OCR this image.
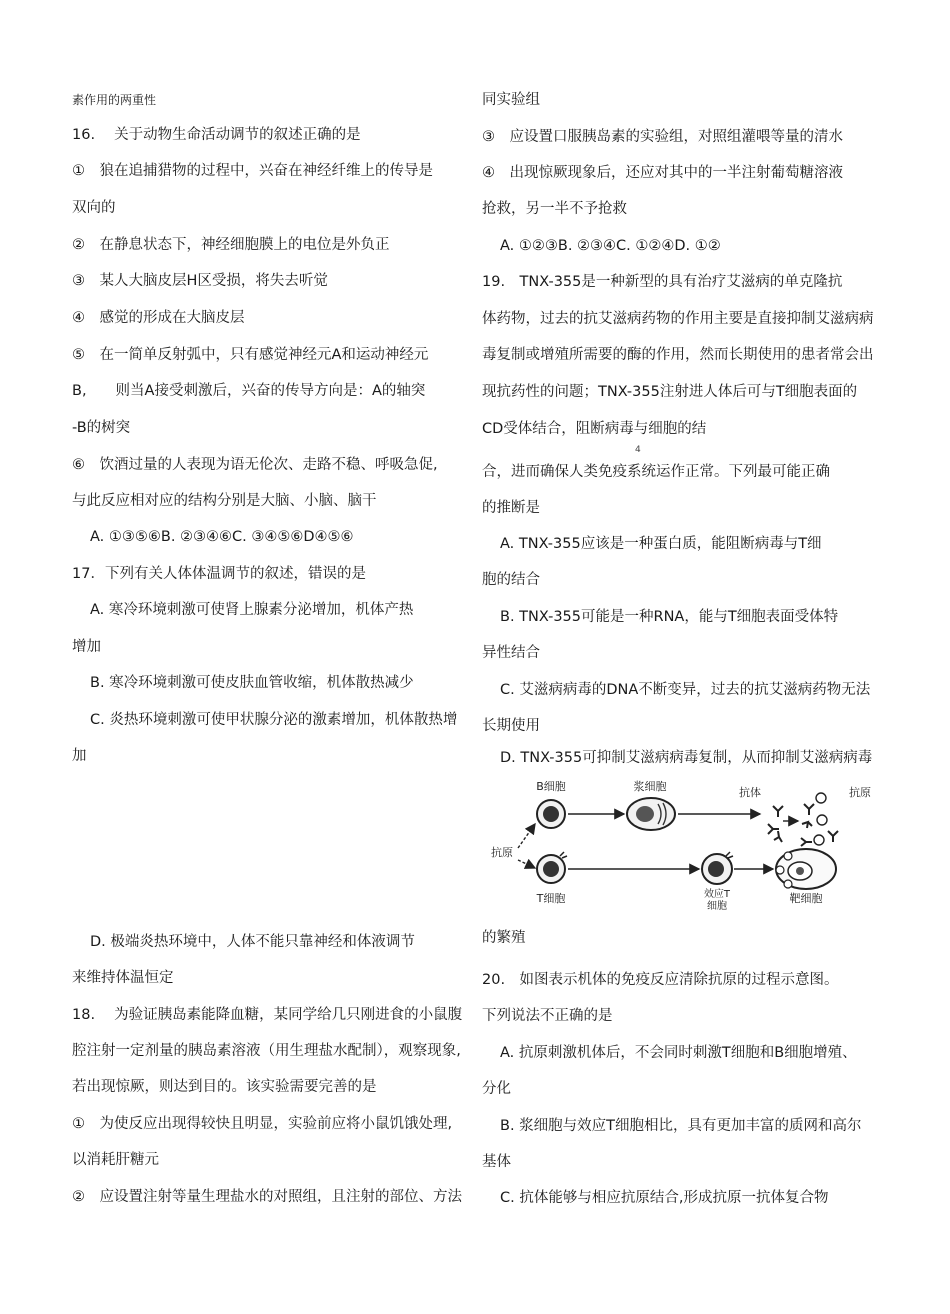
素作用的两重性
16.　 关于动物生命活动调节的叙述正确的是
①　狼在追捕猎物的过程中，兴奋在神经纤维上的传导是
双向的
②　在静息状态下，神经细胞膜上的电位是外负正
③　某人大脑皮层H区受损，将失去听觉
④　感觉的形成在大脑皮层
⑤　在一简单反射弧中，只有感觉神经元A和运动神经元
B,　　则当A接受刺激后，兴奋的传导方向是：A的轴突
-B的树突
⑥　饮酒过量的人表现为语无伦次、走路不稳、呼吸急促,
与此反应相对应的结构分别是大脑、小脑、脑干
A. ①③⑤⑥B. ②③④⑥C. ③④⑤⑥D④⑤⑥
17．下列有关人体体温调节的叙述，错误的是
A. 寒冷环境刺激可使肾上腺素分泌增加，机体产热
增加
B. 寒冷环境刺激可使皮肤血管收缩，机体散热减少
C. 炎热环境刺激可使甲状腺分泌的激素增加，机体散热增
加
D. 极端炎热环境中，人体不能只靠神经和体液调节
来维持体温恒定
18.　 为验证胰岛素能降血糖，某同学给几只刚进食的小鼠腹
腔注射一定剂量的胰岛素溶液（用生理盐水配制），观察现象,
若出现惊厥，则达到目的。该实验需要完善的是
①　为使反应出现得较快且明显，实验前应将小鼠饥饿处理,
以消耗肝糖元
②　应设置注射等量生理盐水的对照组，且注射的部位、方法
同实验组
③　应设置口服胰岛素的实验组，对照组灌喂等量的清水
④　出现惊厥现象后，还应对其中的一半注射葡萄糖溶液
抢救，另一半不予抢救
A. ①②③B. ②③④C. ①②④D. ①②
19.　TNX-355是一种新型的具有治疗艾滋病的单克隆抗
体药物，过去的抗艾滋病药物的作用主要是直接抑制艾滋病病
毒复制或增殖所需要的酶的作用，然而长期使用的患者常会出
现抗药性的问题；TNX-355注射进人体后可与T细胞表面的
CD受体结合，阻断病毒与细胞的结
4
合，进而确保人类免疫系统运作正常。下列最可能正确
的推断是
A. TNX-355应该是一种蛋白质，能阻断病毒与T细
胞的结合
B. TNX-355可能是一种RNA，能与T细胞表面受体特
异性结合
C. 艾滋病病毒的DNA不断变异，过去的抗艾滋病药物无法
长期使用
D. TNX-355可抑制艾滋病病毒复制，从而抑制艾滋病病毒
的繁殖
20.　如图表示机体的免疫反应清除抗原的过程示意图。
下列说法不正确的是
A. 抗原刺激机体后，不会同时刺激T细胞和B细胞增殖、
分化
B. 浆细胞与效应T细胞相比，具有更加丰富的质网和高尔
基体
C. 抗体能够与相应抗原结合,形成抗原一抗体复合物
B细胞	浆细胞	抗体	抗原
抗原
T细胞	效应T
细胞
靶细胞
